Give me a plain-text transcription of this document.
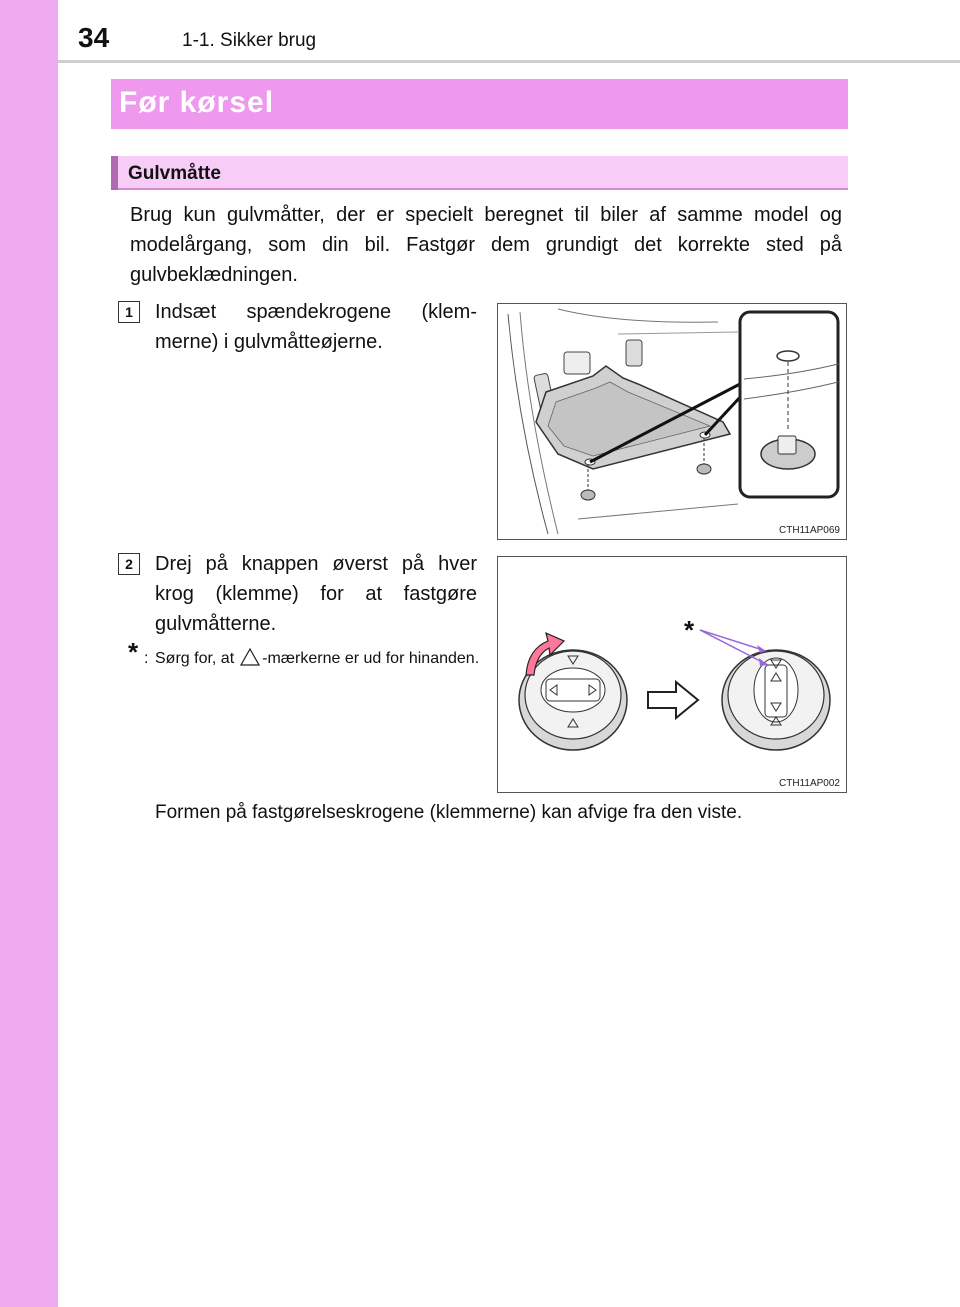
34	1-1. Sikker brug
Før kørsel
Gulvmåtte
Brug kun gulvmåtter, der er specielt beregnet til biler af samme model og modelårgang, som din bil. Fastgør dem grundigt det korrekte sted på gulvbeklædningen.
1	Indsæt spændekrogene (klem-merne) i gulvmåtteøjerne.
CTH11AP069
2	Drej på knappen øverst på hver krog (klemme) for at fastgøre gulvmåtterne.
* : Sørg for, at -mærkerne er ud for hinanden.
*
CTH11AP002
Formen på fastgørelseskrogene (klemmerne) kan afvige fra den viste.
